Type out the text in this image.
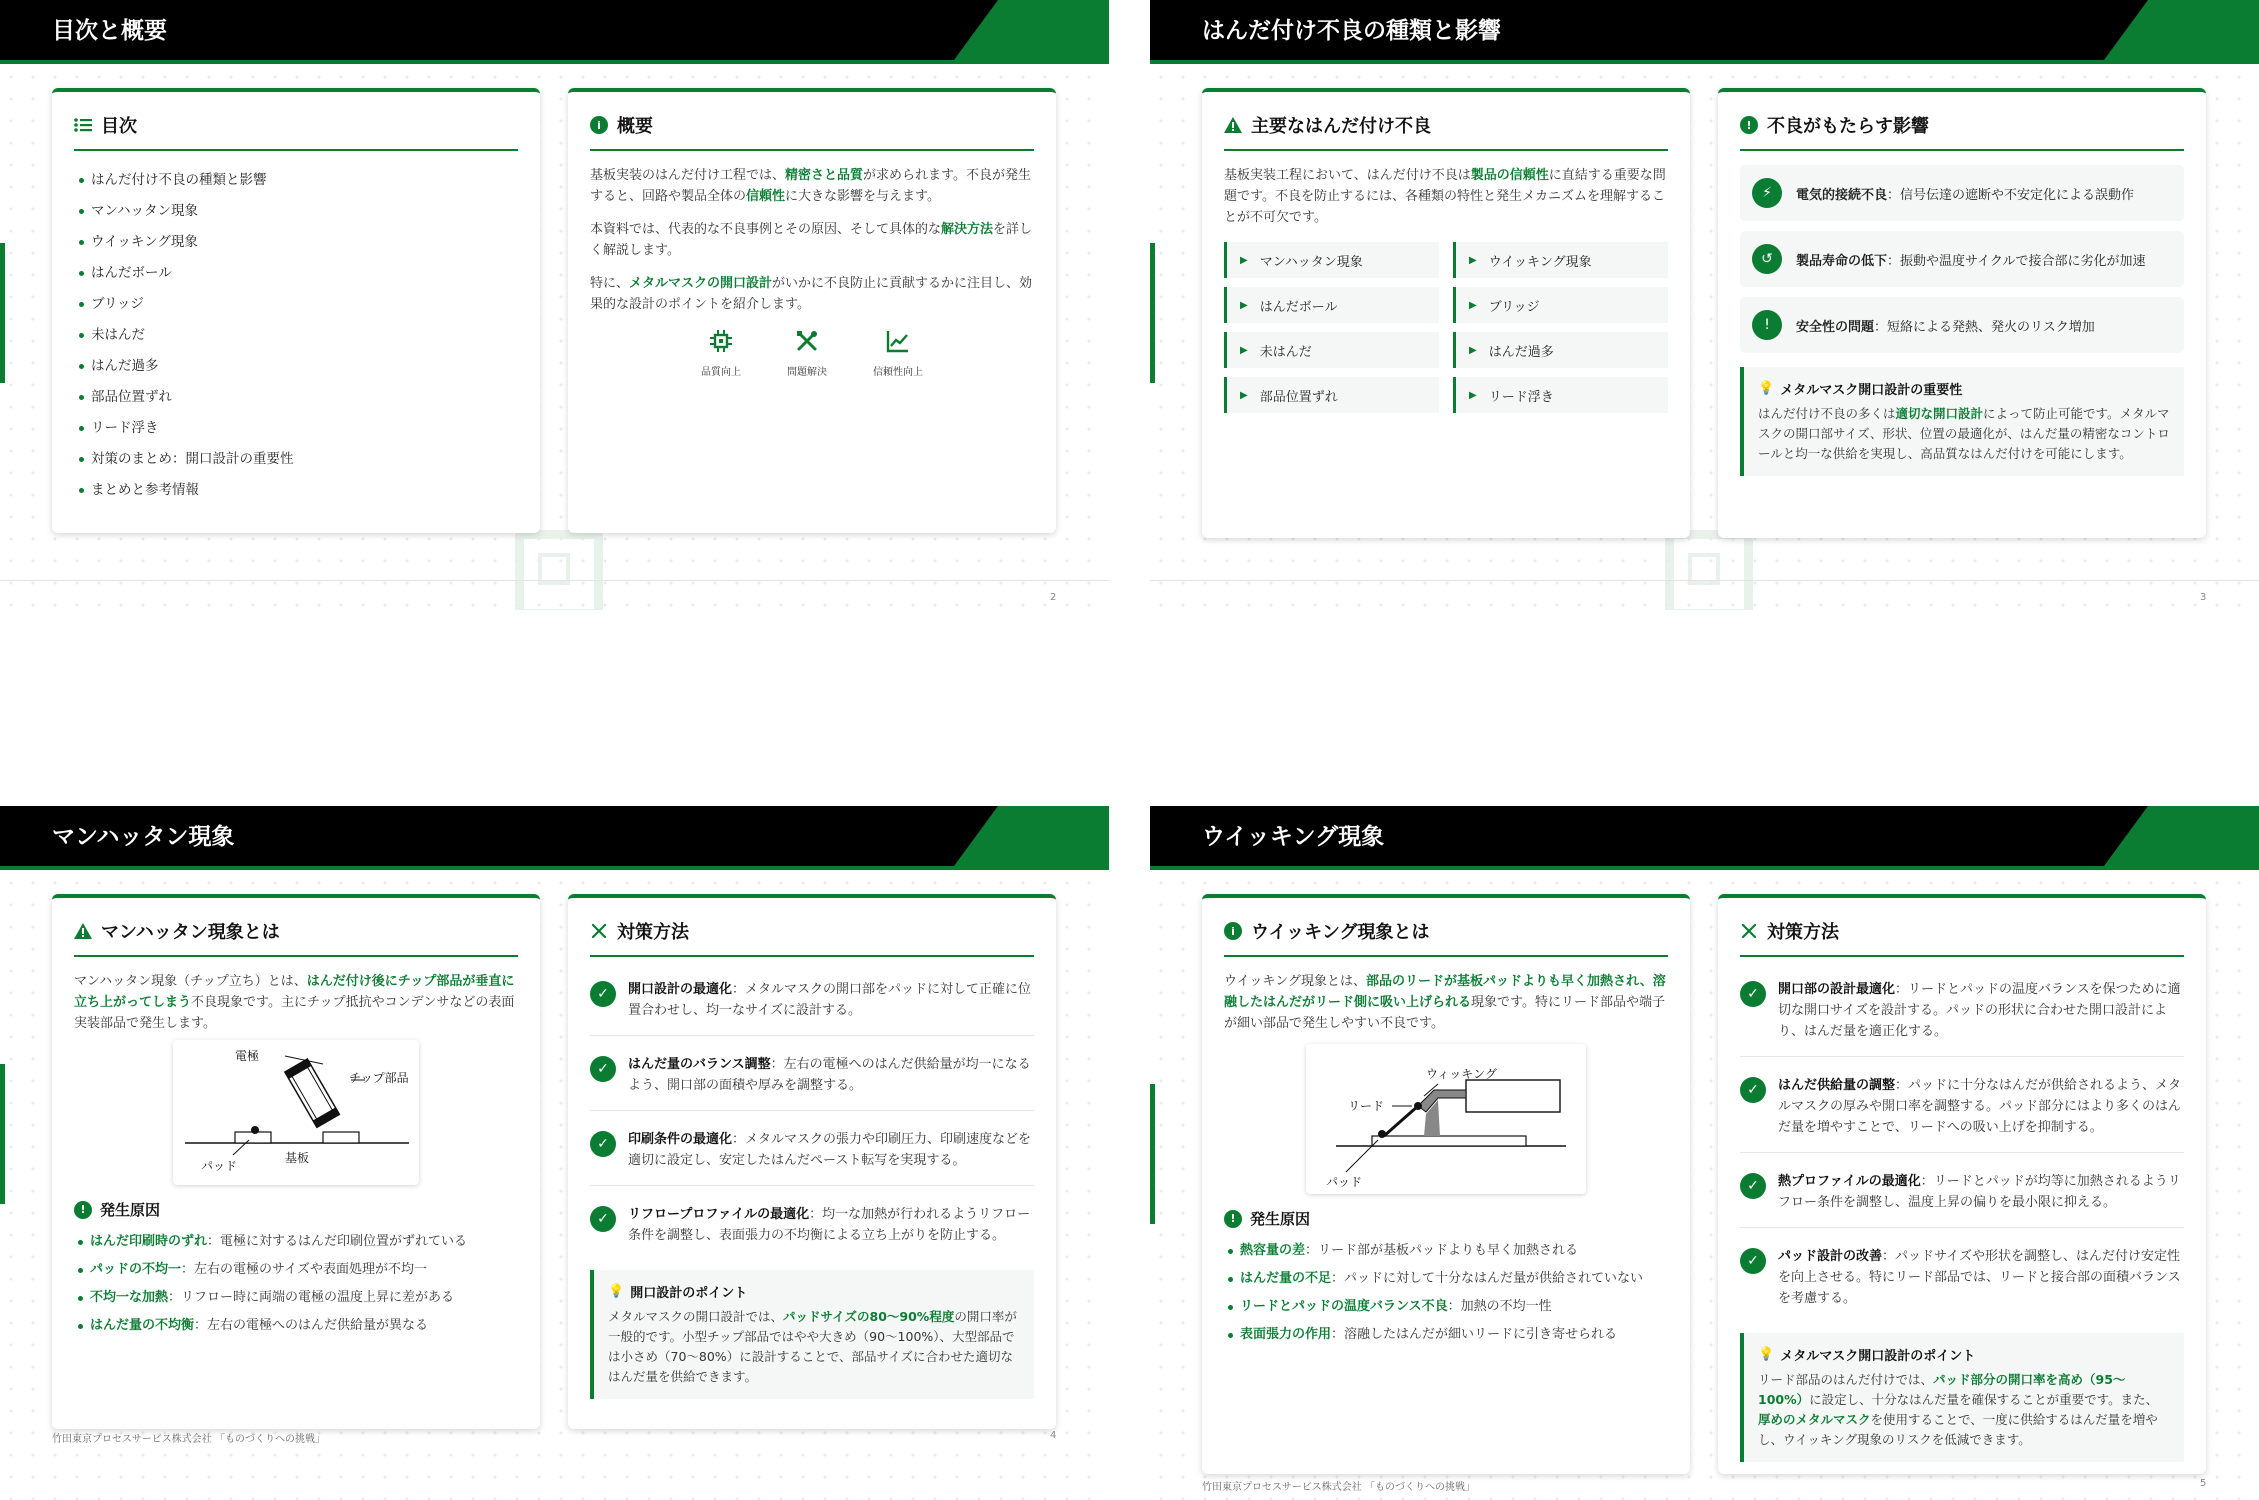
目次と概要
目次
はんだ付け不良の種類と影響
マンハッタン現象
ウイッキング現象
はんだボール
ブリッジ
未はんだ
はんだ過多
部品位置ずれ
リード浮き
対策のまとめ：開口設計の重要性
まとめと参考情報
i 概要

基板実装のはんだ付け工程では、精密さと品質が求められます。不良が発生すると、回路や製品全体の信頼性に大きな影響を与えます。

本資料では、代表的な不良事例とその原因、そして具体的な解決方法を詳しく解説します。

特に、メタルマスクの開口設計がいかに不良防止に貢献するかに注目し、効果的な設計のポイントを紹介します。

品質向上	問題解決	信頼性向上
2
はんだ付け不良の種類と影響
主要なはんだ付け不良

基板実装工程において、はんだ付け不良は製品の信頼性に直結する重要な問題です。不良を防止するには、各種類の特性と発生メカニズムを理解することが不可欠です。

▶ マンハッタン現象	▶ ウイッキング現象
▶ はんだボール	▶ ブリッジ
▶ 未はんだ	▶ はんだ過多
▶ 部品位置ずれ	▶ リード浮き
! 不良がもたらす影響
⚡	電気的接続不良：信号伝達の遮断や不安定化による誤動作
↺	製品寿命の低下：振動や温度サイクルで接合部に劣化が加速
!	安全性の問題：短絡による発熱、発火のリスク増加
💡 メタルマスク開口設計の重要性

はんだ付け不良の多くは適切な開口設計によって防止可能です。メタルマスクの開口部サイズ、形状、位置の最適化が、はんだ量の精密なコントロールと均一な供給を実現し、高品質なはんだ付けを可能にします。

3
マンハッタン現象
マンハッタン現象とは

マンハッタン現象（チップ立ち）とは、はんだ付け後にチップ部品が垂直に立ち上がってしまう不良現象です。主にチップ抵抗やコンデンサなどの表面実装部品で発生します。

電極
チップ部品
パッド
基板
! 発生原因
はんだ印刷時のずれ：電極に対するはんだ印刷位置がずれている
パッドの不均一：左右の電極のサイズや表面処理が不均一
不均一な加熱：リフロー時に両端の電極の温度上昇に差がある
はんだ量の不均衡：左右の電極へのはんだ供給量が異なる
対策方法
✓	開口設計の最適化：メタルマスクの開口部をパッドに対して正確に位置合わせし、均一なサイズに設計する。
✓	はんだ量のバランス調整：左右の電極へのはんだ供給量が均一になるよう、開口部の面積や厚みを調整する。
✓	印刷条件の最適化：メタルマスクの張力や印刷圧力、印刷速度などを適切に設定し、安定したはんだペースト転写を実現する。
✓	リフロープロファイルの最適化：均一な加熱が行われるようリフロー条件を調整し、表面張力の不均衡による立ち上がりを防止する。
💡 開口設計のポイント

メタルマスクの開口設計では、パッドサイズの80〜90%程度の開口率が一般的です。小型チップ部品ではやや大きめ（90〜100%）、大型部品では小さめ（70〜80%）に設計することで、部品サイズに合わせた適切なはんだ量を供給できます。

竹田東京プロセスサービス株式会社 「ものづくりへの挑戦」	4
ウイッキング現象
i ウイッキング現象とは

ウイッキング現象とは、部品のリードが基板パッドよりも早く加熱され、溶融したはんだがリード側に吸い上げられる現象です。特にリード部品や端子が細い部品で発生しやすい不良です。

ウィッキング
リード
パッド
! 発生原因
熱容量の差：リード部が基板パッドよりも早く加熱される
はんだ量の不足：パッドに対して十分なはんだ量が供給されていない
リードとパッドの温度バランス不良：加熱の不均一性
表面張力の作用：溶融したはんだが細いリードに引き寄せられる
対策方法
✓	開口部の設計最適化：リードとパッドの温度バランスを保つために適切な開口サイズを設計する。パッドの形状に合わせた開口設計により、はんだ量を適正化する。
✓	はんだ供給量の調整：パッドに十分なはんだが供給されるよう、メタルマスクの厚みや開口率を調整する。パッド部分にはより多くのはんだ量を増やすことで、リードへの吸い上げを抑制する。
✓	熱プロファイルの最適化：リードとパッドが均等に加熱されるようリフロー条件を調整し、温度上昇の偏りを最小限に抑える。
✓	パッド設計の改善：パッドサイズや形状を調整し、はんだ付け安定性を向上させる。特にリード部品では、リードと接合部の面積バランスを考慮する。
💡 メタルマスク開口設計のポイント

リード部品のはんだ付けでは、パッド部分の開口率を高め（95〜100%）に設定し、十分なはんだ量を確保することが重要です。また、厚めのメタルマスクを使用することで、一度に供給するはんだ量を増やし、ウイッキング現象のリスクを低減できます。

竹田東京プロセスサービス株式会社 「ものづくりへの挑戦」	5
